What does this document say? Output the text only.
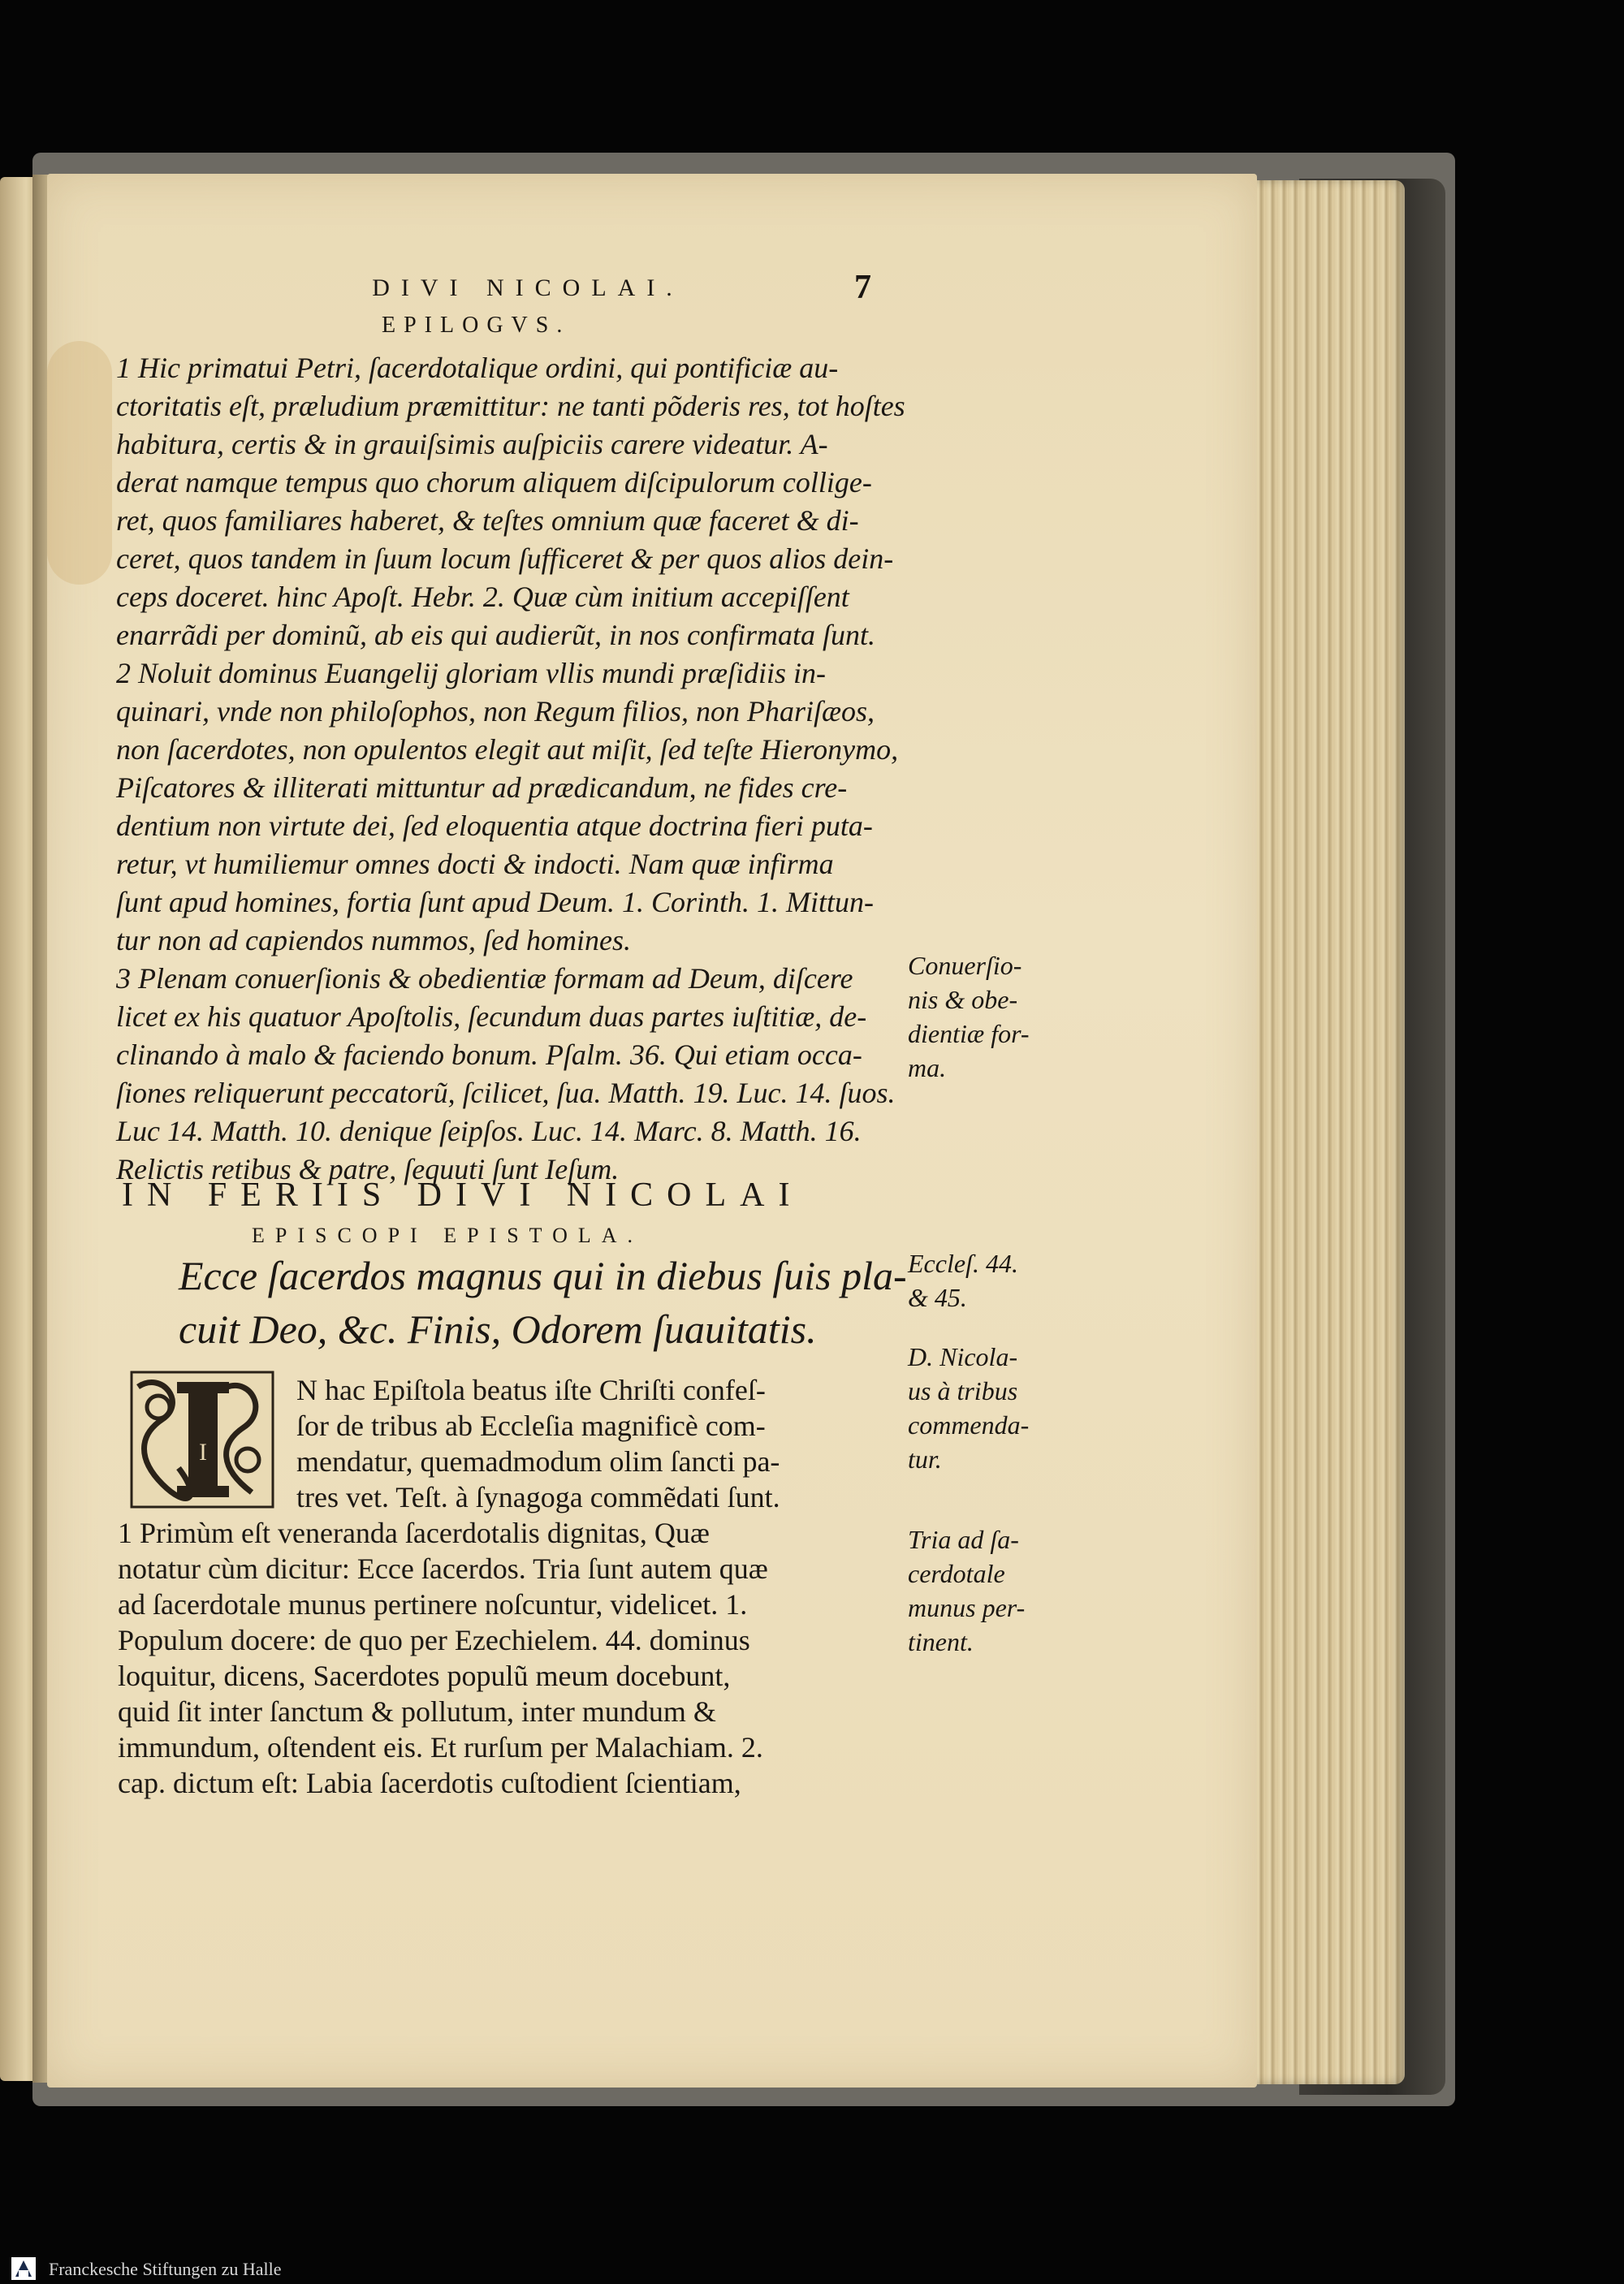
DIVI NICOLAI.	7
EPILOGVS.

1 Hic primatui Petri, ſacerdotalique ordini, qui pontificiæ au-

ctoritatis eſt, præludium præmittitur: ne tanti põderis res, tot hoſtes

habitura, certis & in grauiſsimis auſpiciis carere videatur. A-

derat namque tempus quo chorum aliquem diſcipulorum collige-

ret, quos familiares haberet, & teſtes omnium quæ faceret & di-

ceret, quos tandem in ſuum locum ſufficeret & per quos alios dein-

ceps doceret. hinc Apoſt. Hebr. 2. Quæ cùm initium accepiſſent

enarrãdi per dominũ, ab eis qui audierũt, in nos confirmata ſunt.

2 Noluit dominus Euangelij gloriam vllis mundi præſidiis in-

quinari, vnde non philoſophos, non Regum filios, non Phariſæos,

non ſacerdotes, non opulentos elegit aut miſit, ſed teſte Hieronymo,

Piſcatores & illiterati mittuntur ad prædicandum, ne fides cre-

dentium non virtute dei, ſed eloquentia atque doctrina fieri puta-

retur, vt humiliemur omnes docti & indocti. Nam quæ infirma

ſunt apud homines, fortia ſunt apud Deum. 1. Corinth. 1. Mittun-

tur non ad capiendos nummos, ſed homines.

3 Plenam conuerſionis & obedientiæ formam ad Deum, diſcere

licet ex his quatuor Apoſtolis, ſecundum duas partes iuſtitiæ, de-

clinando à malo & faciendo bonum. Pſalm. 36. Qui etiam occa-

ſiones reliquerunt peccatorũ, ſcilicet, ſua. Matth. 19. Luc. 14. ſuos.

Luc 14. Matth. 10. denique ſeipſos. Luc. 14. Marc. 8. Matth. 16.

Relictis retibus & patre, ſequuti ſunt Ieſum.

IN FERIIS DIVI NICOLAI
EPISCOPI EPISTOLA.

Ecce ſacerdos magnus qui in diebus ſuis pla-

cuit Deo, &c. Finis, Odorem ſuauitatis.

I

N hac Epiſtola beatus iſte Chriſti confeſ-

ſor de tribus ab Eccleſia magnificè com-

mendatur, quemadmodum olim ſancti pa-

tres vet. Teſt. à ſynagoga commẽdati ſunt.

1 Primùm eſt veneranda ſacerdotalis dignitas, Quæ

notatur cùm dicitur: Ecce ſacerdos. Tria ſunt autem quæ

ad ſacerdotale munus pertinere noſcuntur, videlicet. 1.

Populum docere: de quo per Ezechielem. 44. dominus

loquitur, dicens, Sacerdotes populũ meum docebunt,

quid ſit inter ſanctum & pollutum, inter mundum &

immundum, oſtendent eis. Et rurſum per Malachiam. 2.

cap. dictum eſt: Labia ſacerdotis cuſtodient ſcientiam,

Conuerſio-

nis & obe-

dientiæ for-

ma.

Eccleſ. 44.

& 45.

D. Nicola-

us à tribus

commenda-

tur.

Tria ad ſa-

cerdotale

munus per-

tinent.

Franckesche Stiftungen zu Halle
